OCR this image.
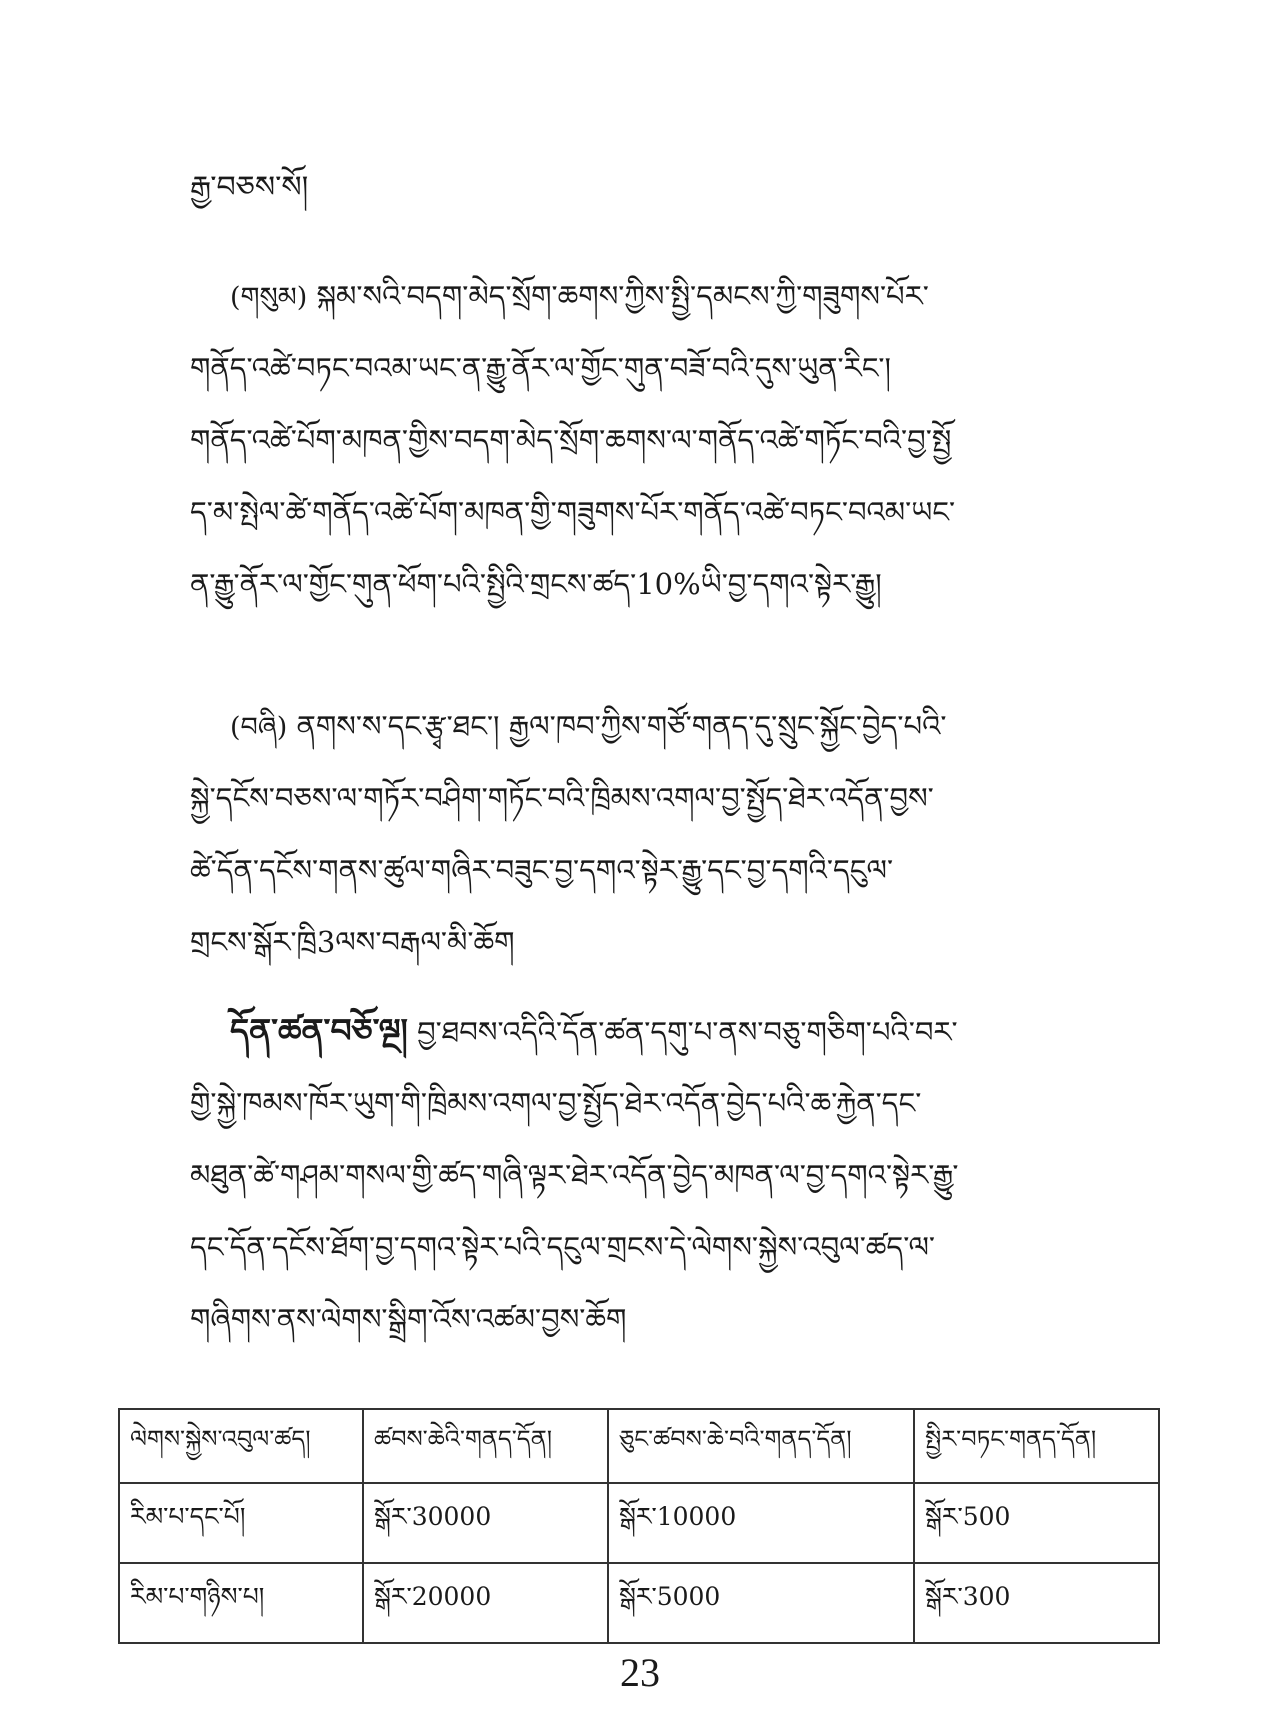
རྒྱ་བཅས་སོ།
(གསུམ) སྐམ་སའི་བདག་མེད་སྲོག་ཆགས་ཀྱིས་སྤྱི་དམངས་ཀྱི་གཟུགས་པོར་
གནོད་འཚེ་བཏང་བའམ་ཡང་ན་རྒྱུ་ནོར་ལ་གྱོང་གུན་བཟོ་བའི་དུས་ཡུན་རིང་།
གནོད་འཚེ་པོག་མཁན་གྱིས་བདག་མེད་སྲོག་ཆགས་ལ་གནོད་འཚེ་གཏོང་བའི་བྱ་སྤྱོ
ད་མ་སྤེལ་ཚེ་གནོད་འཚེ་པོག་མཁན་གྱི་གཟུགས་པོར་གནོད་འཚེ་བཏང་བའམ་ཡང་
ན་རྒྱུ་ནོར་ལ་གྱོང་གུན་ཕོག་པའི་སྤྱིའི་གྲངས་ཚད་10%ཡི་བྱ་དགའ་སྟེར་རྒྱུ།
(བཞི) ནགས་ས་དང་རྩྭ་ཐང་། རྒྱལ་ཁབ་ཀྱིས་གཙོ་གནད་དུ་སྲུང་སྐྱོང་བྱེད་པའི་
སྐྱེ་དངོས་བཅས་ལ་གཏོར་བཤིག་གཏོང་བའི་ཁྲིམས་འགལ་བྱ་སྤྱོད་ཐེར་འདོན་བྱས་
ཚེ་དོན་དངོས་གནས་ཚུལ་གཞིར་བཟུང་བྱ་དགའ་སྟེར་རྒྱུ་དང་བྱ་དགའི་དངུལ་
གྲངས་སྒོར་ཁྲི3ལས་བརྒལ་མི་ཆོག
དོན་ཚན་བཅོ་ལྔ། བྱ་ཐབས་འདིའི་དོན་ཚན་དགུ་པ་ནས་བཅུ་གཅིག་པའི་བར་
གྱི་སྐྱེ་ཁམས་ཁོར་ཡུག་གི་ཁྲིམས་འགལ་བྱ་སྤྱོད་ཐེར་འདོན་བྱེད་པའི་ཆ་རྐྱེན་དང་
མཐུན་ཚེ་གཤམ་གསལ་གྱི་ཚད་གཞི་ལྟར་ཐེར་འདོན་བྱེད་མཁན་ལ་བྱ་དགའ་སྟེར་རྒྱུ་
དང་དོན་དངོས་ཐོག་བྱ་དགའ་སྟེར་པའི་དངུལ་གྲངས་དེ་ལེགས་སྐྱེས་འབུལ་ཚད་ལ་
གཞིགས་ནས་ལེགས་སྒྲིག་འོས་འཚམ་བྱས་ཆོག
ལེགས་སྐྱེས་འབུལ་ཚད།	ཚབས་ཆེའི་གནད་དོན།	ཅུང་ཚབས་ཆེ་བའི་གནད་དོན།	སྤྱིར་བཏང་གནད་དོན།
རིམ་པ་དང་པོ།	སྒོར་30000	སྒོར་10000	སྒོར་500
རིམ་པ་གཉིས་པ།	སྒོར་20000	སྒོར་5000	སྒོར་300
23
